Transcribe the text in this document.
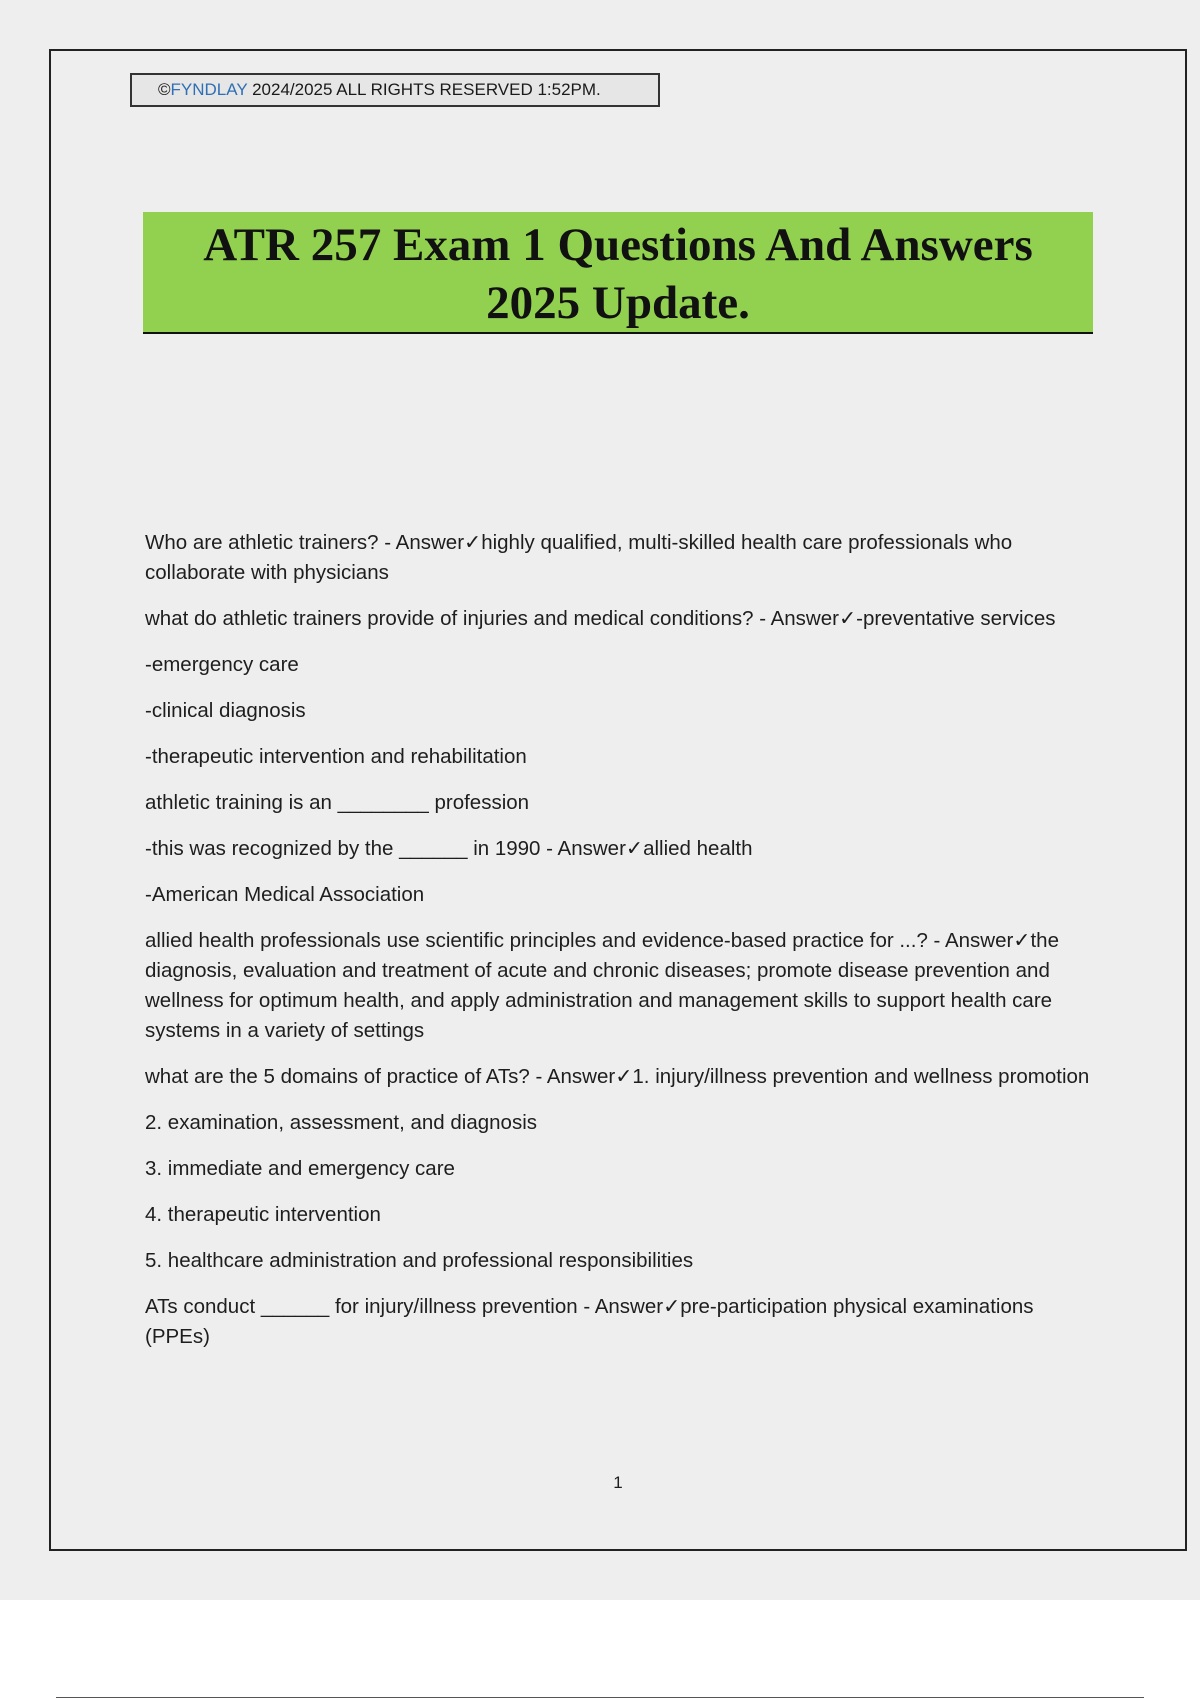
©FYNDLAY 2024/2025 ALL RIGHTS RESERVED 1:52PM.
ATR 257 Exam 1 Questions And Answers
2025 Update.

Who are athletic trainers? - Answer✓highly qualified, multi-skilled health care professionals who collaborate with physicians

what do athletic trainers provide of injuries and medical conditions? - Answer✓-preventative services

-emergency care

-clinical diagnosis

-therapeutic intervention and rehabilitation

athletic training is an ________ profession

-this was recognized by the ______ in 1990 - Answer✓allied health

-American Medical Association

allied health professionals use scientific principles and evidence-based practice for ...? - Answer✓the diagnosis, evaluation and treatment of acute and chronic diseases; promote disease prevention and wellness for optimum health, and apply administration and management skills to support health care systems in a variety of settings

what are the 5 domains of practice of ATs? - Answer✓1. injury/illness prevention and wellness promotion

2. examination, assessment, and diagnosis

3. immediate and emergency care

4. therapeutic intervention

5. healthcare administration and professional responsibilities

ATs conduct ______ for injury/illness prevention - Answer✓pre-participation physical examinations (PPEs)

1
